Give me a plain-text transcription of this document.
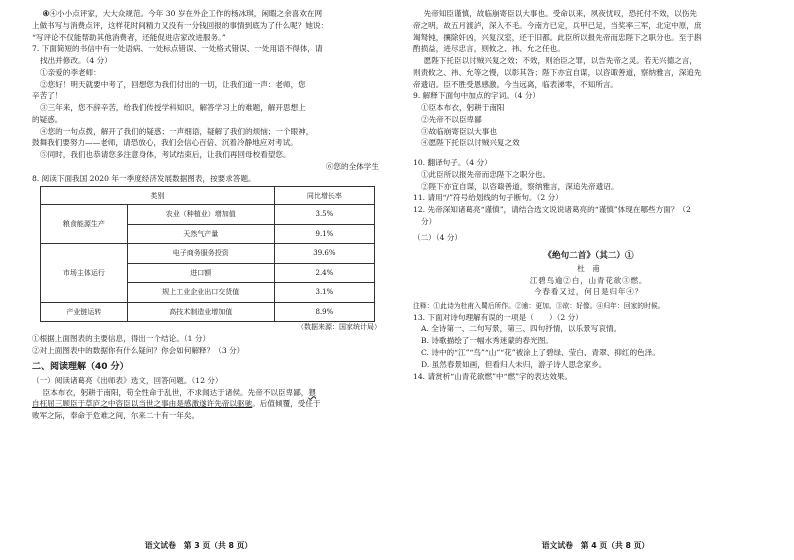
④④小小点评家，大大众规范。今年 30 岁在外企工作的杨冰琪，闲暇之余喜欢在网

上做书写与消费点评，这样花时间精力又没有一分钱回报的事情到底为了什么呢？她说：

“写评论不仅能帮助其他消费者，还能促进店家改进服务。”

7. 下面简短的书信中有一处语病、一处标点错误、一处格式错误、一处用语不得体，请

找出并修改。（4 分）

①亲爱的李老师：

②您好！明天就要中考了，回想您为我们付出的一切，让我们道一声：老师，您

辛苦了！

③三年来，您不辞辛苦，给我们传授学科知识，解答学习上的难题，解开思想上

的疑惑。

④您的一句点拨，解开了我们的疑惑；一声细语，疑解了我们的烦恼；一个眼神，

鼓舞我们要努力——老师，请恐放心，我们会信心百倍、沉着冷静地应对考试。

⑤同时，我们也恭请您多注意身体，考试结束后，让我们再回母校看望您。

⑥您的全体学生

8. 阅读下面我国 2020 年一季度经济发展数据图表，按要求答题。

类别		同比增长率
粮食能源生产	农业（种植业）增加值	3.5%
	天然气产量	9.1%
市场主体运行	电子商务服务投资	39.6%
	进口额	2.4%
	规上工业企业出口交货值	3.1%
产业链运转	高技术制造业增加值	8.9%

（数据来源：国家统计局）

①根据上面图表的主要信息，得出一个结论。（1 分）

②对上面图表中的数据你有什么疑问？你会如何解释？（3 分）

二、阅读理解（40 分）

（一）阅读诸葛亮《出师表》选文，回答问题。（12 分）

臣本布衣，躬耕于南阳，苟全性命于乱世，不求闻达于诸侯。先帝不以臣卑鄙，猥

自枉屈三顾臣于草庐之中咨臣以当世之事由是感激遂许先帝以驱驰。后值倾覆，受任于

败军之际，奉命于危难之间，尔来二十有一年矣。

语文试卷　第 3 页（共 8 页）

先帝知臣谨慎，故临崩寄臣以大事也。受命以来，夙夜忧叹，恐托付不效，以伤先

帝之明，故五月渡泸，深入不毛。今南方已定，兵甲已足，当奖率三军，北定中原，庶

竭驽钝，攘除奸凶，兴复汉室，还于旧都。此臣所以报先帝而忠陛下之职分也。至于斟

酌损益，进尽忠言，则攸之、祎、允之任也。

愿陛下托臣以讨贼兴复之效；不效，则治臣之罪，以告先帝之灵。若无兴德之言，

则责攸之、祎、允等之慢，以彰其咎；陛下亦宜自谋，以咨诹善道，察纳雅言，深追先

帝遗诏。臣不胜受恩感激。今当远离，临表涕零，不知所言。

9. 解释下面句中加点的字词。（4 分）

①臣本布衣，躬耕于南阳

②先帝不以臣卑鄙

③故临崩寄臣以大事也

④愿陛下托臣以讨贼兴复之效

10. 翻译句子。（4 分）

①此臣所以报先帝而忠陛下之职分也。

②陛下亦宜自谋，以咨诹善道，察纳雅言，深追先帝遗诏。

11. 请用“/”符号给划线的句子断句。（2 分）

12. 先帝深知诸葛亮“谨慎”，请结合选文说说诸葛亮的“谨慎”体现在哪些方面？（2

分）

（二）（4 分）

《绝句二首》（其二）①

杜　甫

江碧鸟逾②白，山青花欲③燃。

今春看又过，何日是归年④？

注释：①此诗为杜甫入蜀后所作。②逾：更加。③欲：好像。④归年：回家的时候。

13. 下面对诗句理解有误的一项是（　　）（2 分）

A. 全诗第一、二句写景，第三、四句抒情，以乐景写哀情。

B. 诗歌描绘了一幅水秀迷蒙的春光图。

C. 诗中的“江”“鸟”“山”“花”被涂上了碧绿、莹白、青翠、抑红的色泽。

D. 虽然春景如画，但看归人未归，游子诗人思念家乡。

14. 请赏析“山青花欲燃”中“燃”字的表达效果。

语文试卷　第 4 页（共 8 页）
